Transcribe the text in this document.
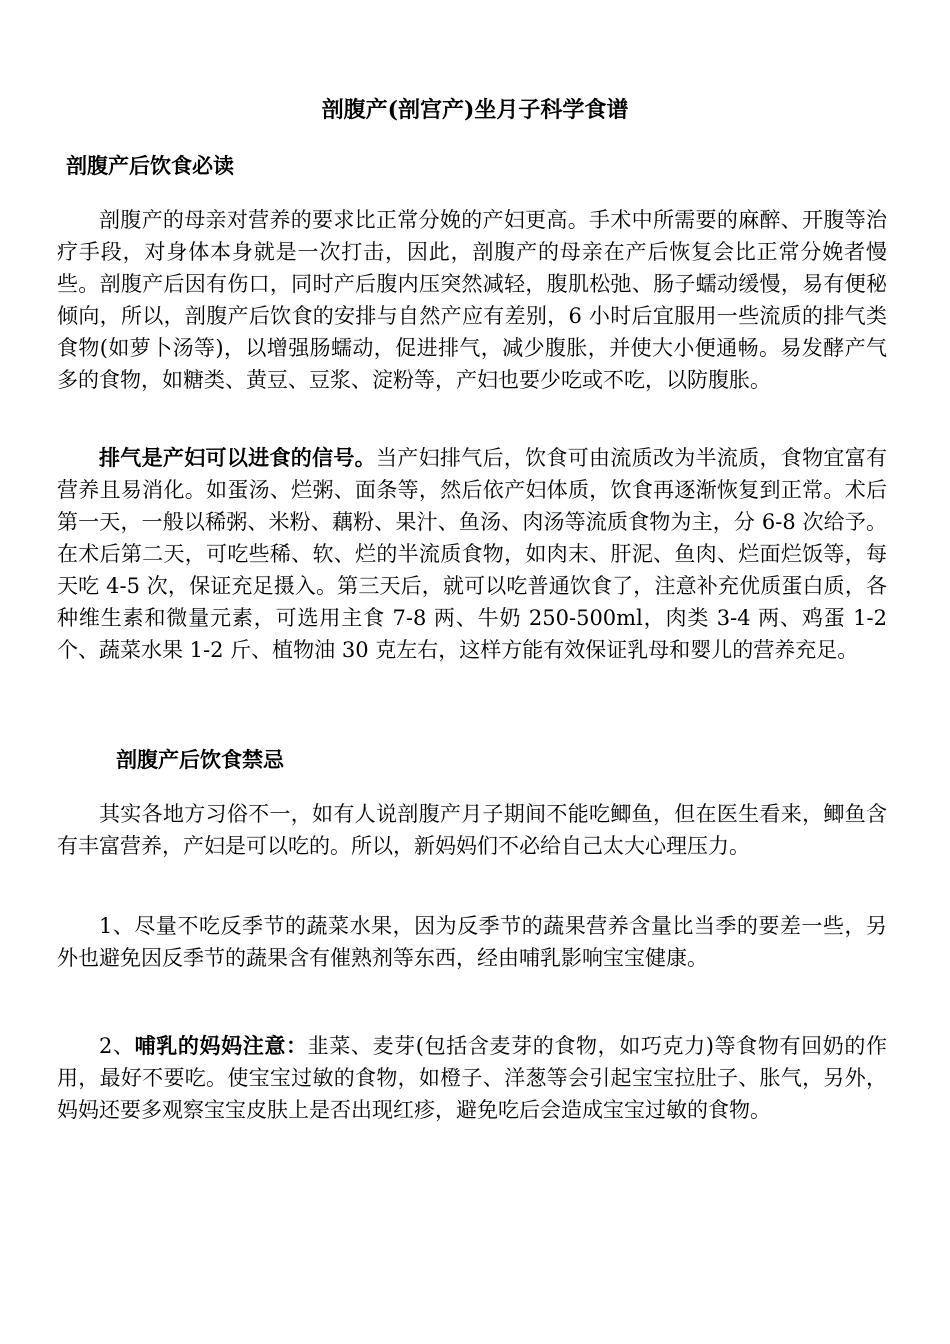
剖腹产(剖宫产)坐月子科学食谱
剖腹产后饮食必读

剖腹产的母亲对营养的要求比正常分娩的产妇更高。手术中所需要的麻醉、开腹等治疗手段，对身体本身就是一次打击，因此，剖腹产的母亲在产后恢复会比正常分娩者慢些。剖腹产后因有伤口，同时产后腹内压突然减轻，腹肌松弛、肠子蠕动缓慢，易有便秘倾向，所以，剖腹产后饮食的安排与自然产应有差别，6 小时后宜服用一些流质的排气类食物(如萝卜汤等)，以增强肠蠕动，促进排气，减少腹胀，并使大小便通畅。易发酵产气多的食物，如糖类、黄豆、豆浆、淀粉等，产妇也要少吃或不吃，以防腹胀。

排气是产妇可以进食的信号。当产妇排气后，饮食可由流质改为半流质，食物宜富有营养且易消化。如蛋汤、烂粥、面条等，然后依产妇体质，饮食再逐渐恢复到正常。术后第一天，一般以稀粥、米粉、藕粉、果汁、鱼汤、肉汤等流质食物为主，分 6-8 次给予。在术后第二天，可吃些稀、软、烂的半流质食物，如肉末、肝泥、鱼肉、烂面烂饭等，每天吃 4-5 次，保证充足摄入。第三天后，就可以吃普通饮食了，注意补充优质蛋白质，各种维生素和微量元素，可选用主食 7-8 两、牛奶 250-500ml，肉类 3-4 两、鸡蛋 1-2 个、蔬菜水果 1-2 斤、植物油 30 克左右，这样方能有效保证乳母和婴儿的营养充足。

剖腹产后饮食禁忌

其实各地方习俗不一，如有人说剖腹产月子期间不能吃鲫鱼，但在医生看来，鲫鱼含有丰富营养，产妇是可以吃的。所以，新妈妈们不必给自己太大心理压力。

1、尽量不吃反季节的蔬菜水果，因为反季节的蔬果营养含量比当季的要差一些，另外也避免因反季节的蔬果含有催熟剂等东西，经由哺乳影响宝宝健康。

2、哺乳的妈妈注意：韭菜、麦芽(包括含麦芽的食物，如巧克力)等食物有回奶的作用，最好不要吃。使宝宝过敏的食物，如橙子、洋葱等会引起宝宝拉肚子、胀气，另外，妈妈还要多观察宝宝皮肤上是否出现红疹，避免吃后会造成宝宝过敏的食物。
